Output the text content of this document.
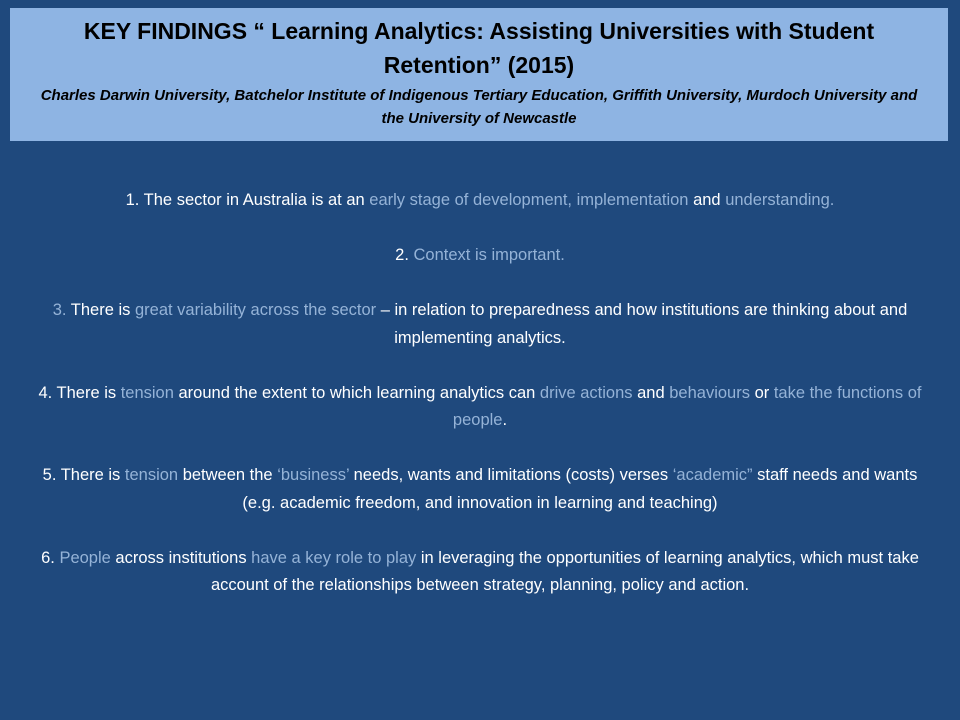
KEY FINDINGS “ Learning Analytics: Assisting Universities with Student Retention” (2015)
Charles Darwin University, Batchelor Institute of Indigenous Tertiary Education, Griffith University, Murdoch University and the University of Newcastle

1. The sector in Australia is at an early stage of development, implementation and understanding.

2. Context is important.

3. There is great variability across the sector – in relation to preparedness and how institutions are thinking about and implementing analytics.

4. There is tension around the extent to which learning analytics can drive actions and behaviours or take the functions of people.

5. There is tension between the ‘business’ needs, wants and limitations (costs) verses ‘academic” staff needs and wants (e.g. academic freedom, and innovation in learning and teaching)

6. People across institutions have a key role to play in leveraging the opportunities of learning analytics, which must take account of the relationships between strategy, planning, policy and action.
